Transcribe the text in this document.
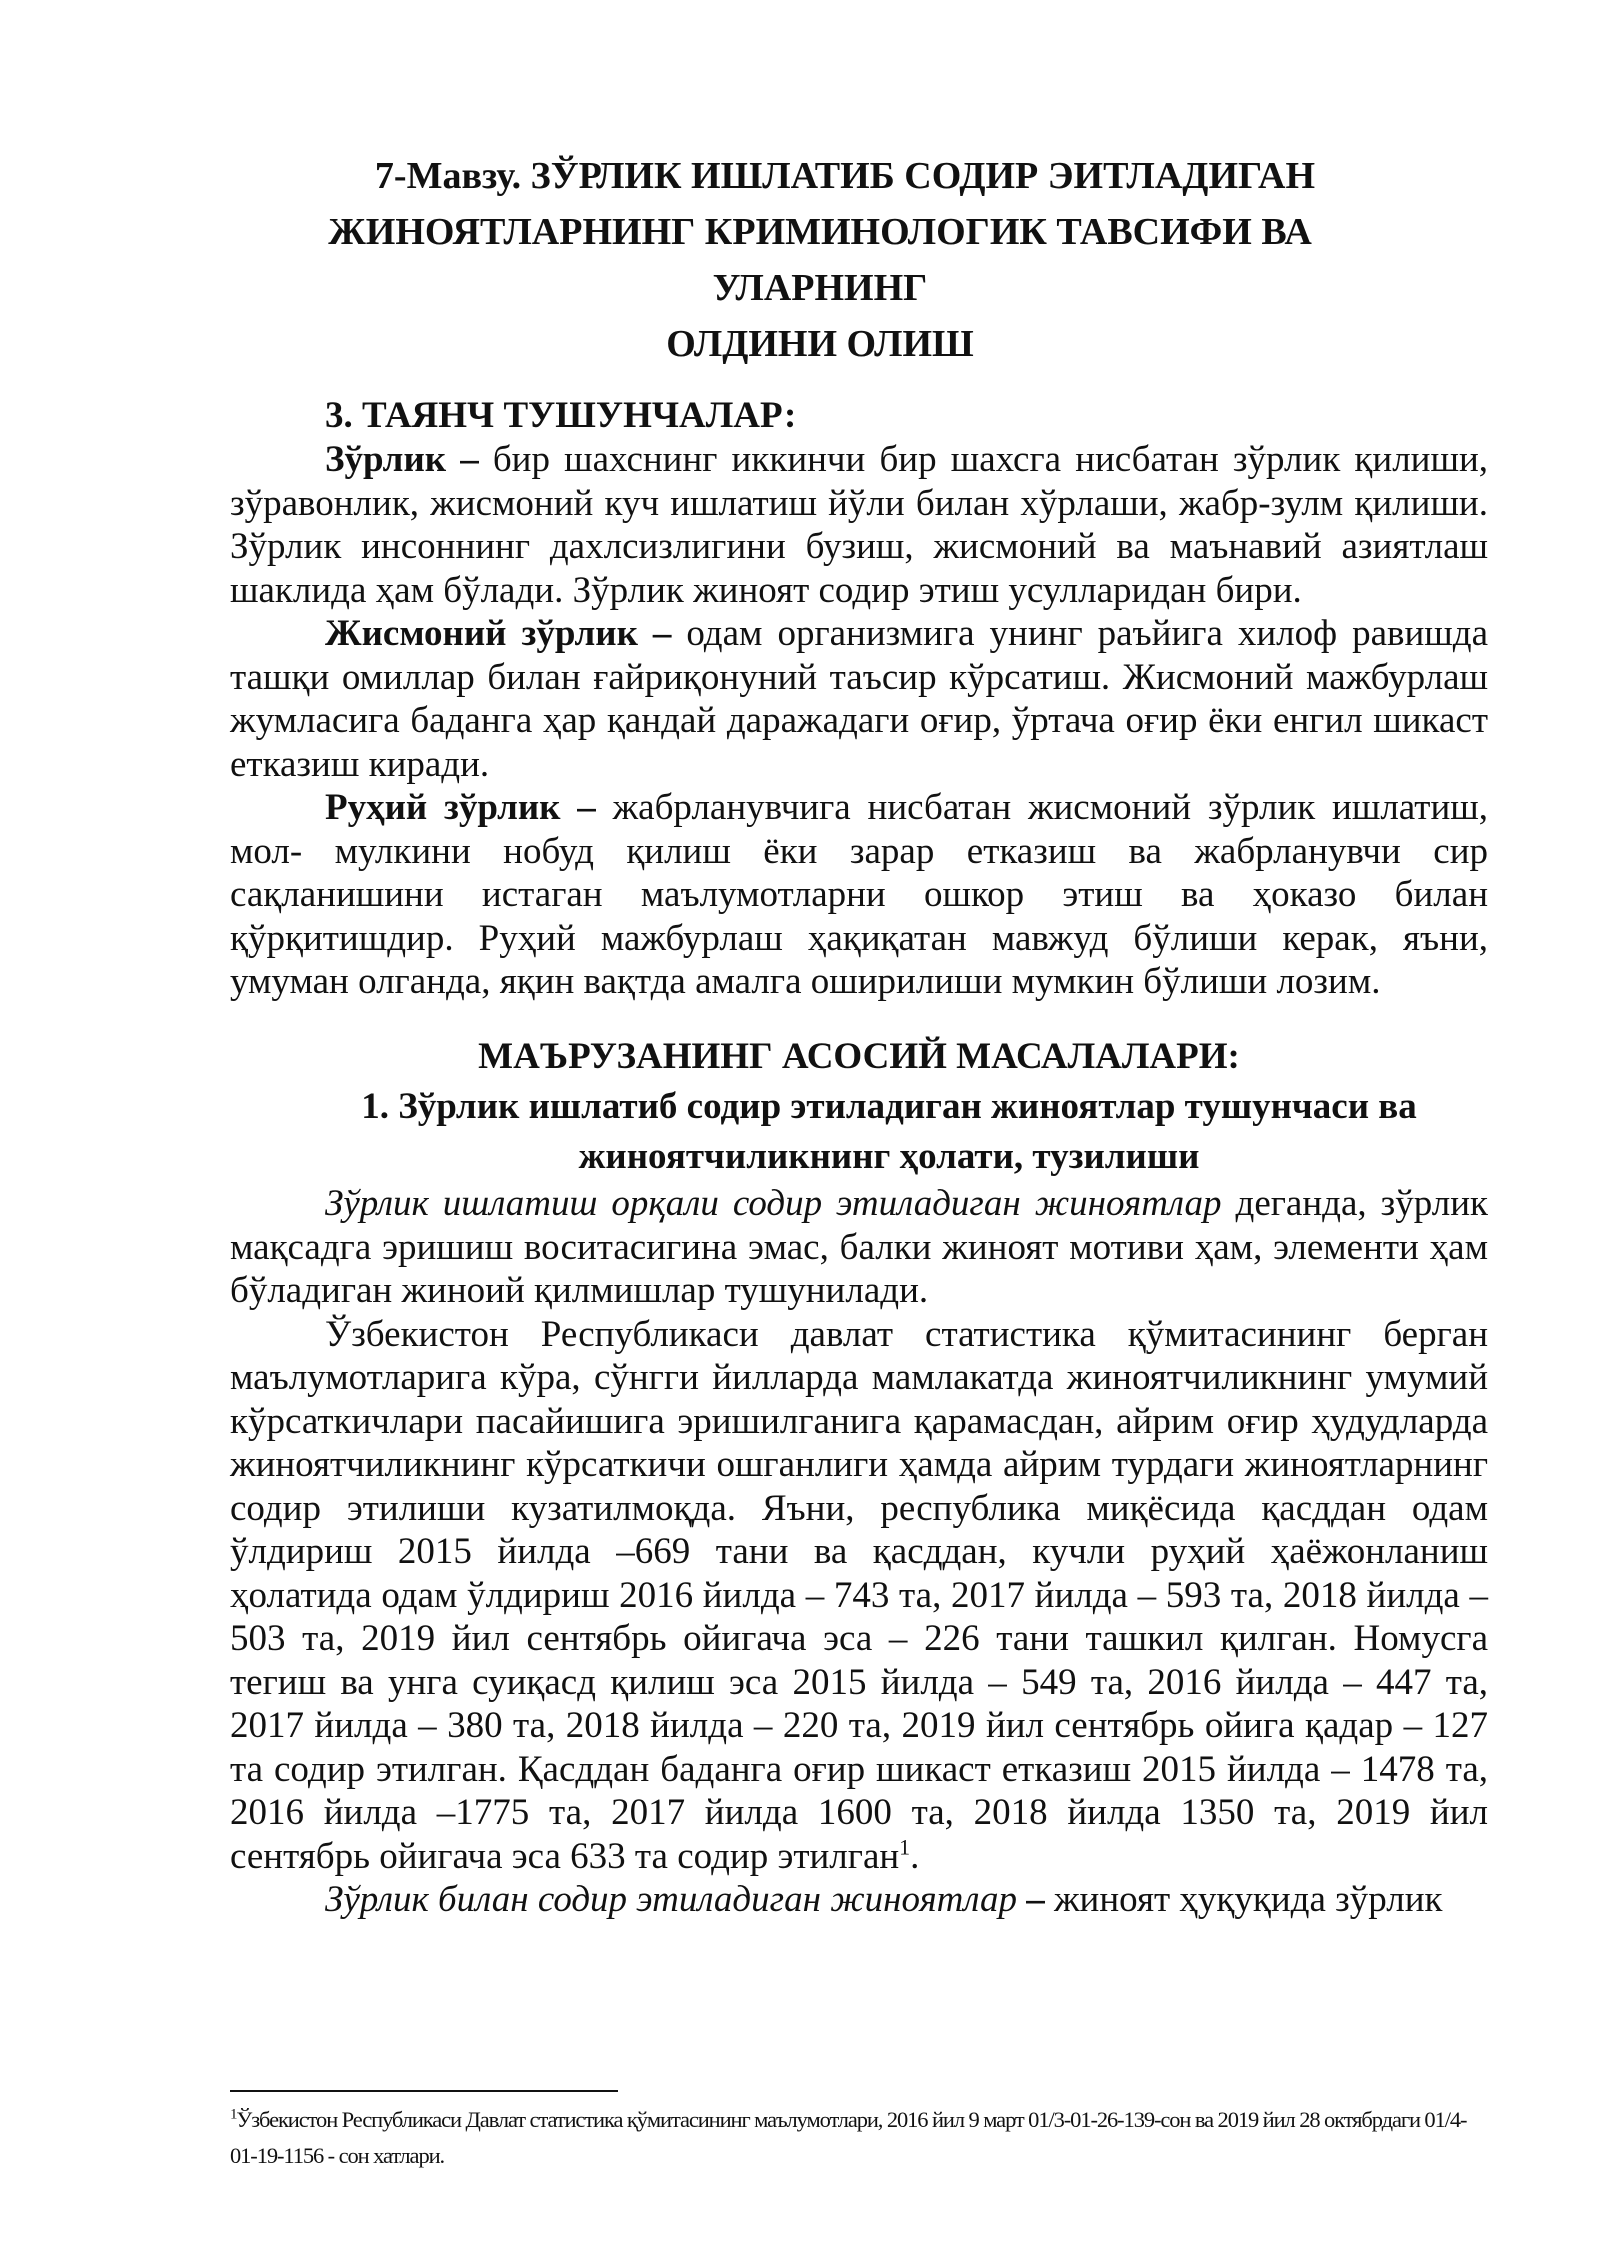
7-Мавзу. ЗЎРЛИК ИШЛАТИБ СОДИР ЭИТЛАДИГАН
ЖИНОЯТЛАРНИНГ КРИМИНОЛОГИК ТАВСИФИ ВА УЛАРНИНГ
ОЛДИНИ ОЛИШ
3. ТАЯНЧ ТУШУНЧАЛАР:

Зўрлик – бир шахснинг иккинчи бир шахсга нисбатан зўрлик қилиши, зўравонлик, жисмоний куч ишлатиш йўли билан хўрлаши, жабр-зулм қилиши. Зўрлик инсоннинг дахлсизлигини бузиш, жисмоний ва маънавий азиятлаш шаклида ҳам бўлади. Зўрлик жиноят содир этиш усулларидан бири.

Жисмоний зўрлик – одам организмига унинг раъйига хилоф равишда ташқи омиллар билан ғайриқонуний таъсир кўрсатиш. Жисмоний мажбурлаш жумласига баданга ҳар қандай даражадаги оғир, ўртача оғир ёки енгил шикаст етказиш киради.

Руҳий зўрлик – жабрланувчига нисбатан жисмоний зўрлик ишлатиш, мол- мулкини нобуд қилиш ёки зарар етказиш ва жабрланувчи сир сақланишини истаган маълумотларни ошкор этиш ва ҳоказо билан қўрқитишдир. Руҳий мажбурлаш ҳақиқатан мавжуд бўлиши керак, яъни, умуман олганда, яқин вақтда амалга оширилиши мумкин бўлиши лозим.

МАЪРУЗАНИНГ АСОСИЙ МАСАЛАЛАРИ:
1. Зўрлик ишлатиб содир этиладиган жиноятлар тушунчаси ва жиноятчиликнинг ҳолати, тузилиши

Зўрлик ишлатиш орқали содир этиладиган жиноятлар деганда, зўрлик мақсадга эришиш воситасигина эмас, балки жиноят мотиви ҳам, элементи ҳам бўладиган жиноий қилмишлар тушунилади.

Ўзбекистон Республикаси давлат статистика қўмитасининг берган маълумотларига кўра, сўнгги йилларда мамлакатда жиноятчиликнинг умумий кўрсаткичлари пасайишига эришилганига қарамасдан, айрим оғир ҳудудларда жиноятчиликнинг кўрсаткичи ошганлиги ҳамда айрим турдаги жиноятларнинг содир этилиши кузатилмоқда. Яъни, республика миқёсида қасддан одам ўлдириш 2015 йилда –669 тани ва қасддан, кучли руҳий ҳаёжонланиш ҳолатида одам ўлдириш 2016 йилда – 743 та, 2017 йилда – 593 та, 2018 йилда – 503 та, 2019 йил сентябрь ойигача эса – 226 тани ташкил қилган. Номусга тегиш ва унга суиқасд қилиш эса 2015 йилда – 549 та, 2016 йилда – 447 та, 2017 йилда – 380 та, 2018 йилда – 220 та, 2019 йил сентябрь ойига қадар – 127 та содир этилган. Қасддан баданга оғир шикаст етказиш 2015 йилда – 1478 та, 2016 йилда –1775 та, 2017 йилда 1600 та, 2018 йилда 1350 та, 2019 йил сентябрь ойигача эса 633 та содир этилган$^1$.

Зўрлик билан содир этиладиган жиноятлар – жиноят ҳуқуқида зўрлик

$^1$Ўзбекистон Республикаси Давлат статистика қўмитасининг маълумотлари, 2016 йил 9 март 01/3-01-26-139-сон ва 2019 йил 28 октябрдаги 01/4-01-19-1156 - сон хатлари.
